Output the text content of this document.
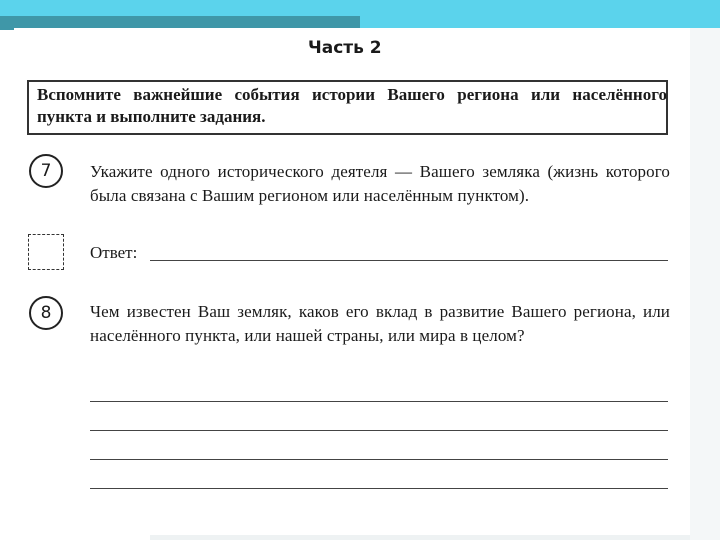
Часть 2
Вспомните важнейшие события истории Вашего региона или населённого пункта и выполните задания.
7 Укажите одного исторического деятеля — Вашего земляка (жизнь которого была связана с Вашим регионом или населённым пунктом).
Ответ:
8 Чем известен Ваш земляк, каков его вклад в развитие Вашего региона, или населённого пункта, или нашей страны, или мира в целом?
